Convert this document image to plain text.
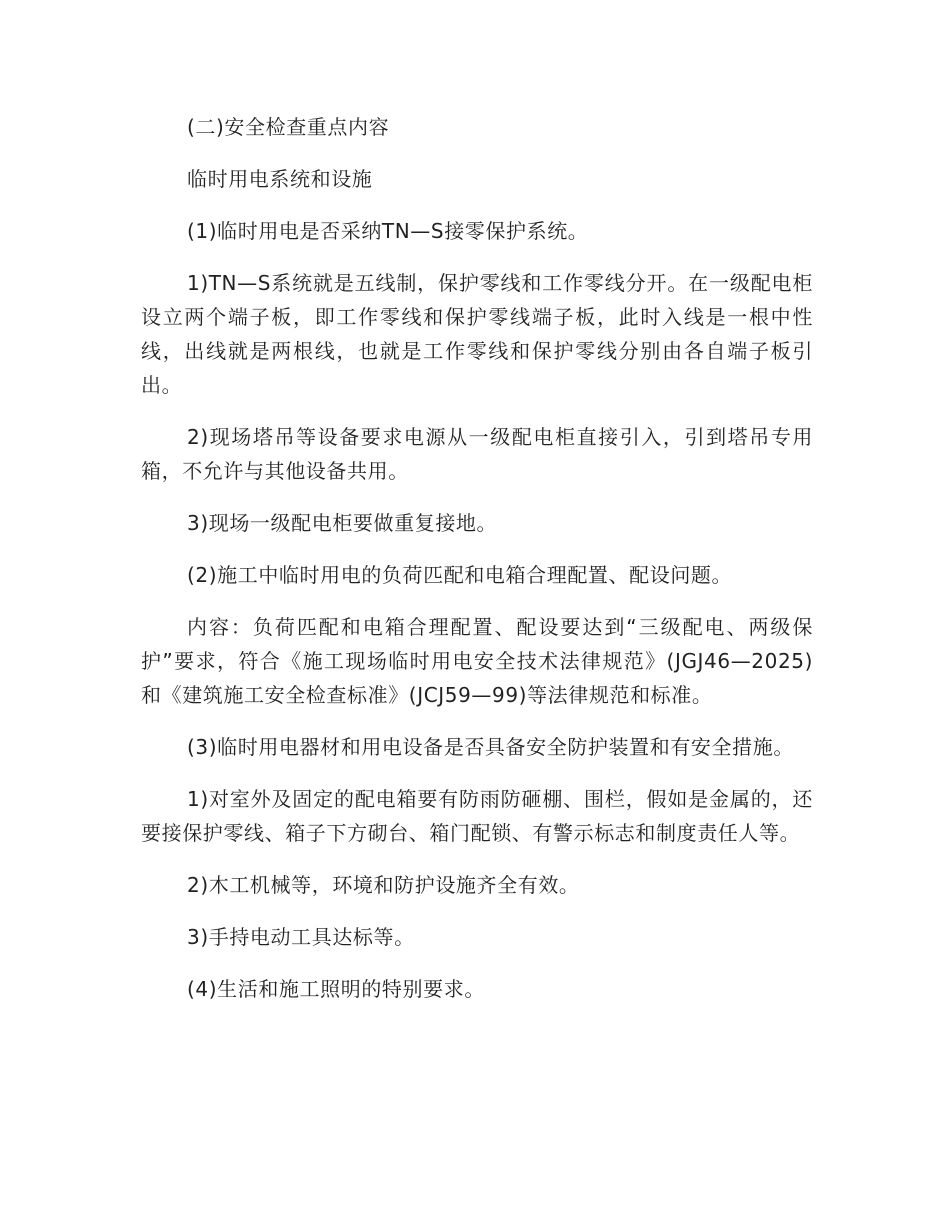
(二)安全检查重点内容

临时用电系统和设施

(1)临时用电是否采纳TN—S接零保护系统。

1)TN—S系统就是五线制，保护零线和工作零线分开。在一级配电柜设立两个端子板，即工作零线和保护零线端子板，此时入线是一根中性线，出线就是两根线，也就是工作零线和保护零线分别由各自端子板引出。

2)现场塔吊等设备要求电源从一级配电柜直接引入，引到塔吊专用箱，不允许与其他设备共用。

3)现场一级配电柜要做重复接地。

(2)施工中临时用电的负荷匹配和电箱合理配置、配设问题。

内容：负荷匹配和电箱合理配置、配设要达到“三级配电、两级保护”要求，符合《施工现场临时用电安全技术法律规范》(JGJ46—2025)和《建筑施工安全检查标准》(JCJ59—99)等法律规范和标准。

(3)临时用电器材和用电设备是否具备安全防护装置和有安全措施。

1)对室外及固定的配电箱要有防雨防砸棚、围栏，假如是金属的，还要接保护零线、箱子下方砌台、箱门配锁、有警示标志和制度责任人等。

2)木工机械等，环境和防护设施齐全有效。

3)手持电动工具达标等。

(4)生活和施工照明的特别要求。
